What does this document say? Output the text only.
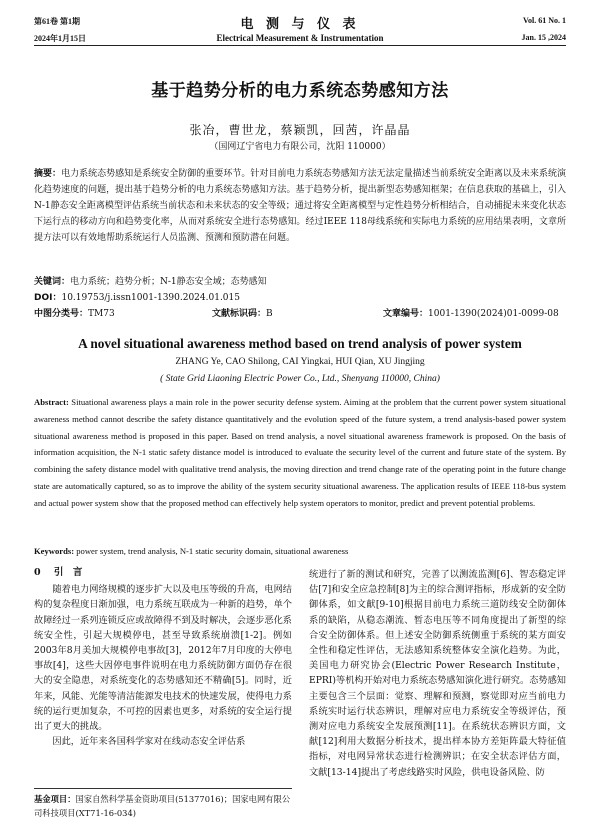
第61卷 第1期
2024年1月15日
电 测 与 仪 表
Electrical Measurement & Instrumentation
Vol. 61 No. 1
Jan. 15 ,2024
基于趋势分析的电力系统态势感知方法
张冶，曹世龙，蔡颖凯，回茜，许晶晶
（国网辽宁省电力有限公司，沈阳 110000）
摘要：电力系统态势感知是系统安全防御的重要环节。针对目前电力系统态势感知方法无法定量描述当前系统安全距离以及未来系统演化趋势速度的问题，提出基于趋势分析的电力系统态势感知方法。基于趋势分析，提出新型态势感知框架；在信息获取的基础上，引入N-1静态安全距离模型评估系统当前状态和未来状态的安全等级；通过将安全距离模型与定性趋势分析相结合，自动捕捉未来变化状态下运行点的移动方向和趋势变化率，从而对系统安全进行态势感知。经过IEEE 118母线系统和实际电力系统的应用结果表明，文章所提方法可以有效地帮助系统运行人员监测、预测和预防潜在问题。
关键词：电力系统；趋势分析；N-1静态安全域；态势感知
DOI：10.19753/j.issn1001-1390.2024.01.015
中图分类号：TM73	文献标识码：B	文章编号：1001-1390(2024)01-0099-08
A novel situational awareness method based on trend analysis of power system
ZHANG Ye, CAO Shilong, CAI Yingkai, HUI Qian, XU Jingjing
( State Grid Liaoning Electric Power Co., Ltd., Shenyang 110000, China)
Abstract: Situational awareness plays a main role in the power security defense system. Aiming at the problem that the current power system situational awareness method cannot describe the safety distance quantitatively and the evolution speed of the future system, a trend analysis-based power system situational awareness method is proposed in this paper. Based on trend analysis, a novel situational awareness framework is proposed. On the basis of information acquisition, the N-1 static safety distance model is introduced to evaluate the security level of the current and future state of the system. By combining the safety distance model with qualitative trend analysis, the moving direction and trend change rate of the operating point in the future change state are automatically captured, so as to improve the ability of the system security situational awareness. The application results of IEEE 118-bus system and actual power system show that the proposed method can effectively help system operators to monitor, predict and prevent potential problems.
Keywords: power system, trend analysis, N-1 static security domain, situational awareness
0 引　言

随着电力网络规模的逐步扩大以及电压等级的升高，电网结构的复杂程度日渐加强，电力系统互联成为一种新的趋势，单个故障经过一系列连锁反应或故障得不到及时解决，会逐步恶化系统安全性，引起大规模停电，甚至导致系统崩溃[1-2]。例如2003年8月美加大规模停电事故[3]，2012年7月印度的大停电事故[4]，这些大因停电事件说明在电力系统防御方面仍存在很大的安全隐患，对系统变化的态势感知还不精确[5]。同时，近年来，风能、光能等清洁能源发电技术的快速发展，使得电力系统的运行更加复杂，不可控的因素也更多，对系统的安全运行提出了更大的挑战。

因此，近年来各国科学家对在线动态安全评估系

基金项目：国家自然科学基金资助项目(51377016)；国家电网有限公司科技项目(XT71-16-034)

统进行了新的测试和研究，完善了以测流监测[6]、智态稳定评估[7]和安全应急控制[8]为主的综合测评指标，形成新的安全防御体系，如文献[9-10]根据目前电力系统三道防线安全防御体系的缺陷，从稳态潮流、暂态电压等不同角度提出了新型的综合安全防御体系。但上述安全防御系统侧重于系统的某方面安全性和稳定性评估，无法感知系统整体安全演化趋势。为此，美国电力研究协会(Electric Power Research Institute，EPRI)等机构开始对电力系统态势感知演化进行研究。态势感知主要包含三个层面：觉察、理解和预测，察觉即对应当前电力系统实时运行状态辨识，理解对应电力系统安全等级评估，预测对应电力系统安全发展预测[11]。在系统状态辨识方面，文献[12]利用大数据分析技术，提出样本协方差矩阵最大特征值指标，对电网异常状态进行检测辨识；在安全状态评估方面，文献[13-14]提出了考虑线路实时风险，供电设备风险、防
